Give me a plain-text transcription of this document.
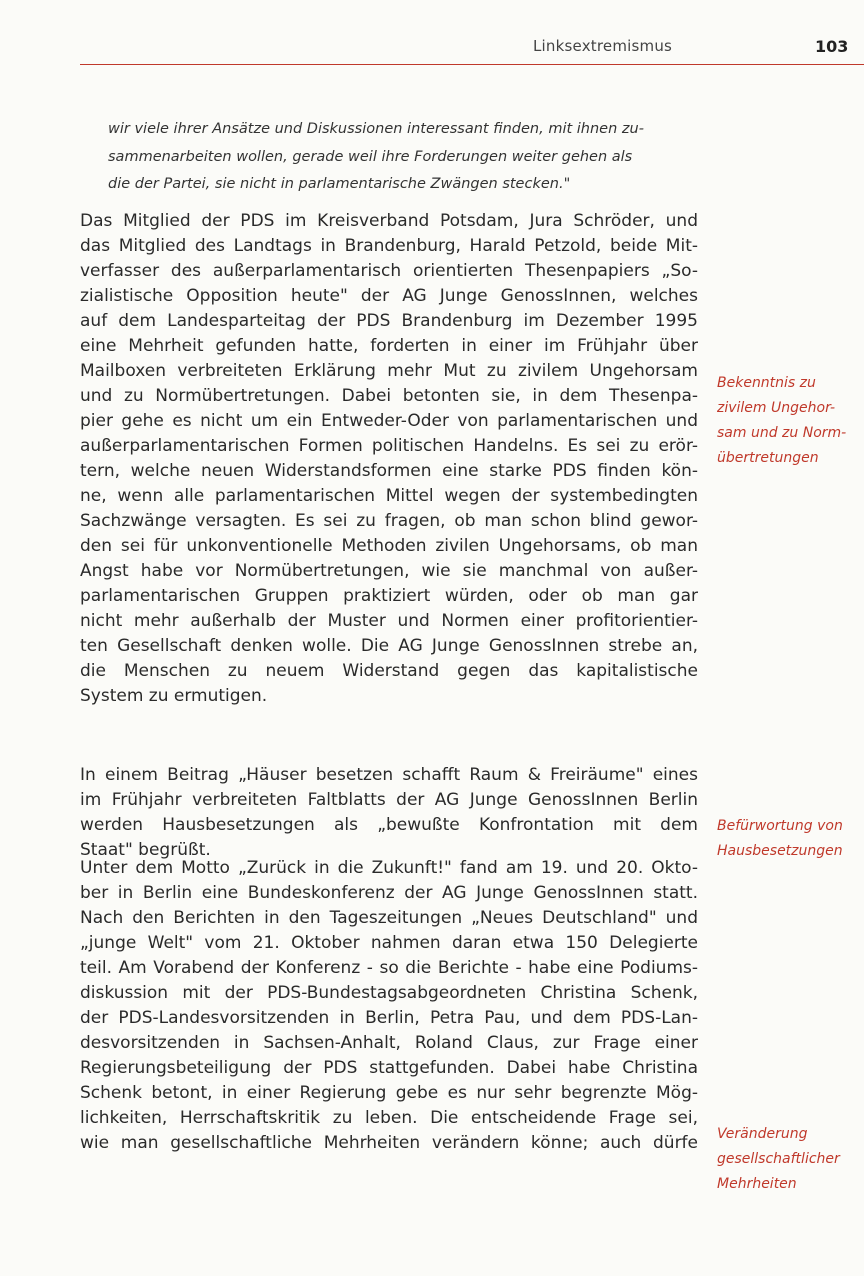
Linksextremismus	103
wir viele ihrer Ansätze und Diskussionen interessant finden, mit ihnen zu-
sammenarbeiten wollen, gerade weil ihre Forderungen weiter gehen als
die der Partei, sie nicht in parlamentarische Zwängen stecken."
Das Mitglied der PDS im Kreisverband Potsdam, Jura Schröder, und
das Mitglied des Landtags in Brandenburg, Harald Petzold, beide Mit-
verfasser des außerparlamentarisch orientierten Thesenpapiers „So-
zialistische Opposition heute" der AG Junge GenossInnen, welches
auf dem Landesparteitag der PDS Brandenburg im Dezember 1995
eine Mehrheit gefunden hatte, forderten in einer im Frühjahr über
Mailboxen verbreiteten Erklärung mehr Mut zu zivilem Ungehorsam
und zu Normübertretungen. Dabei betonten sie, in dem Thesenpa-
pier gehe es nicht um ein Entweder-Oder von parlamentarischen und
außerparlamentarischen Formen politischen Handelns. Es sei zu erör-
tern, welche neuen Widerstandsformen eine starke PDS finden kön-
ne, wenn alle parlamentarischen Mittel wegen der systembedingten
Sachzwänge versagten. Es sei zu fragen, ob man schon blind gewor-
den sei für unkonventionelle Methoden zivilen Ungehorsams, ob man
Angst habe vor Normübertretungen, wie sie manchmal von außer-
parlamentarischen Gruppen praktiziert würden, oder ob man gar
nicht mehr außerhalb der Muster und Normen einer profitorientier-
ten Gesellschaft denken wolle. Die AG Junge GenossInnen strebe an,
die Menschen zu neuem Widerstand gegen das kapitalistische
System zu ermutigen.
Bekenntnis zu
zivilem Ungehor-
sam und zu Norm-
übertretungen
In einem Beitrag „Häuser besetzen schafft Raum & Freiräume" eines
im Frühjahr verbreiteten Faltblatts der AG Junge GenossInnen Berlin
werden Hausbesetzungen als „bewußte Konfrontation mit dem
Staat" begrüßt.
Befürwortung von
Hausbesetzungen
Unter dem Motto „Zurück in die Zukunft!" fand am 19. und 20. Okto-
ber in Berlin eine Bundeskonferenz der AG Junge GenossInnen statt.
Nach den Berichten in den Tageszeitungen „Neues Deutschland" und
„junge Welt" vom 21. Oktober nahmen daran etwa 150 Delegierte
teil. Am Vorabend der Konferenz - so die Berichte - habe eine Podiums-
diskussion mit der PDS-Bundestagsabgeordneten Christina Schenk,
der PDS-Landesvorsitzenden in Berlin, Petra Pau, und dem PDS-Lan-
desvorsitzenden in Sachsen-Anhalt, Roland Claus, zur Frage einer
Regierungsbeteiligung der PDS stattgefunden. Dabei habe Christina
Schenk betont, in einer Regierung gebe es nur sehr begrenzte Mög-
lichkeiten, Herrschaftskritik zu leben. Die entscheidende Frage sei,
wie man gesellschaftliche Mehrheiten verändern könne; auch dürfe Veränderung
gesellschaftlicher
Mehrheiten
